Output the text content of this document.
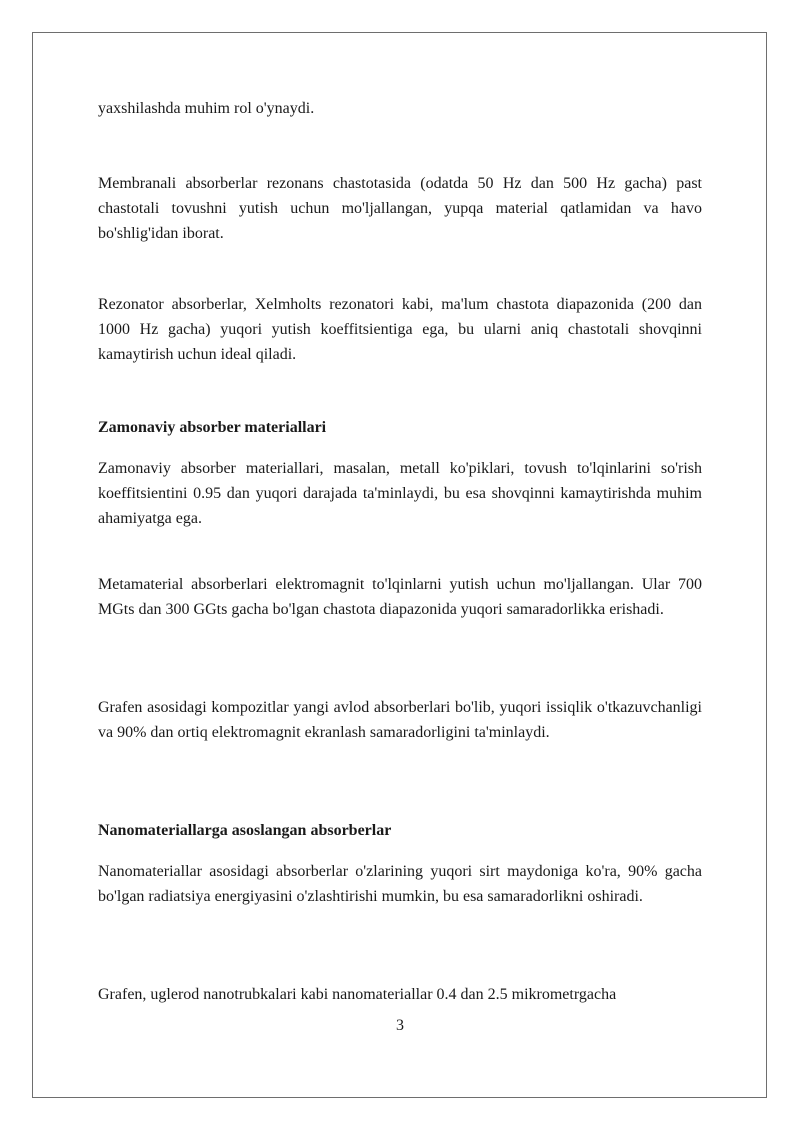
yaxshilashda muhim rol o'ynaydi.
Membranali absorberlar rezonans chastotasida (odatda 50 Hz dan 500 Hz gacha) past chastotali tovushni yutish uchun mo'ljallangan, yupqa material qatlamidan va havo bo'shlig'idan iborat.
Rezonator absorberlar, Xelmholts rezonatori kabi, ma'lum chastota diapazonida (200 dan 1000 Hz gacha) yuqori yutish koeffitsientiga ega, bu ularni aniq chastotali shovqinni kamaytirish uchun ideal qiladi.
Zamonaviy absorber materiallari
Zamonaviy absorber materiallari, masalan, metall ko'piklari, tovush to'lqinlarini so'rish koeffitsientini 0.95 dan yuqori darajada ta'minlaydi, bu esa shovqinni kamaytirishda muhim ahamiyatga ega.
Metamaterial absorberlari elektromagnit to'lqinlarni yutish uchun mo'ljallangan. Ular 700 MGts dan 300 GGts gacha bo'lgan chastota diapazonida yuqori samaradorlikka erishadi.
Grafen asosidagi kompozitlar yangi avlod absorberlari bo'lib, yuqori issiqlik o'tkazuvchanligi va 90% dan ortiq elektromagnit ekranlash samaradorligini ta'minlaydi.
Nanomateriallarga asoslangan absorberlar
Nanomateriallar asosidagi absorberlar o'zlarining yuqori sirt maydoniga ko'ra, 90% gacha bo'lgan radiatsiya energiyasini o'zlashtirishi mumkin, bu esa samaradorlikni oshiradi.
Grafen, uglerod nanotrubkalari kabi nanomateriallar 0.4 dan 2.5 mikrometrgacha
3
